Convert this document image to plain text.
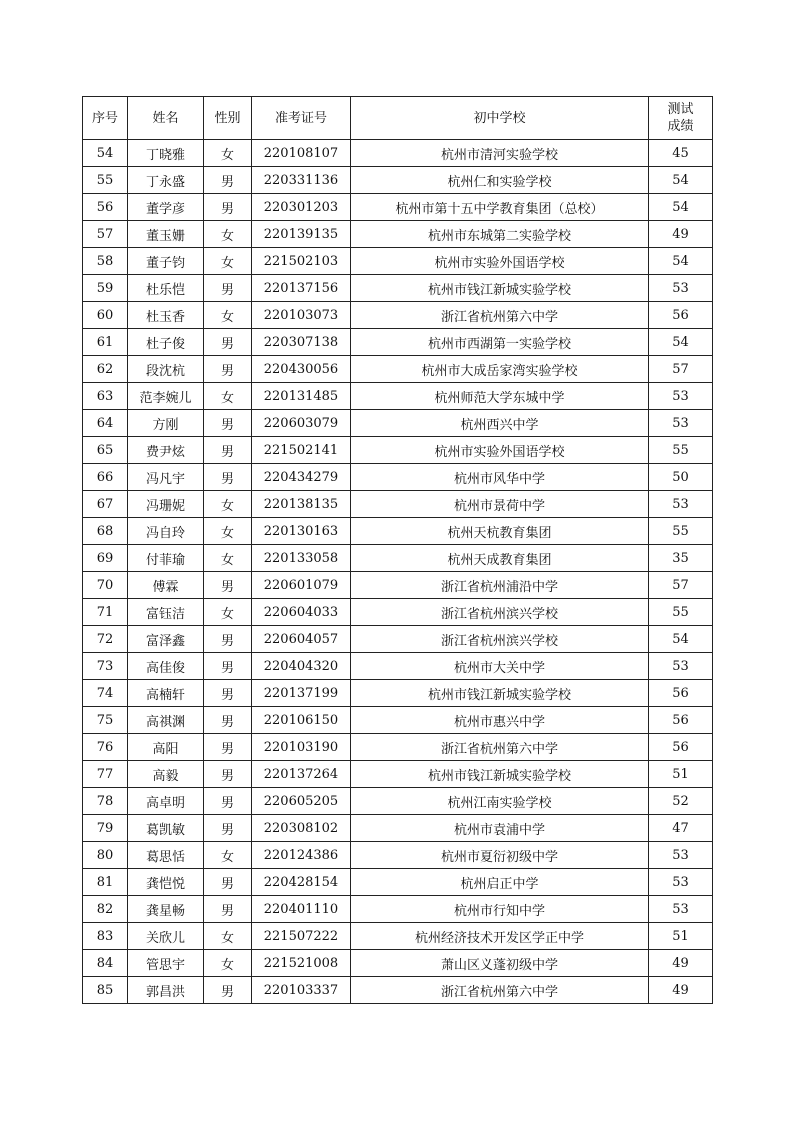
序号	姓名	性别	准考证号	初中学校	测试
成绩
54	丁晓雅	女	220108107	杭州市清河实验学校	45
55	丁永盛	男	220331136	杭州仁和实验学校	54
56	董学彦	男	220301203	杭州市第十五中学教育集团（总校）	54
57	董玉姗	女	220139135	杭州市东城第二实验学校	49
58	董子钧	女	221502103	杭州市实验外国语学校	54
59	杜乐恺	男	220137156	杭州市钱江新城实验学校	53
60	杜玉香	女	220103073	浙江省杭州第六中学	56
61	杜子俊	男	220307138	杭州市西湖第一实验学校	54
62	段沈杭	男	220430056	杭州市大成岳家湾实验学校	57
63	范李婉儿	女	220131485	杭州师范大学东城中学	53
64	方刚	男	220603079	杭州西兴中学	53
65	费尹炫	男	221502141	杭州市实验外国语学校	55
66	冯凡宇	男	220434279	杭州市风华中学	50
67	冯珊妮	女	220138135	杭州市景荷中学	53
68	冯自玲	女	220130163	杭州天杭教育集团	55
69	付菲瑜	女	220133058	杭州天成教育集团	35
70	傅霖	男	220601079	浙江省杭州浦沿中学	57
71	富钰洁	女	220604033	浙江省杭州滨兴学校	55
72	富泽鑫	男	220604057	浙江省杭州滨兴学校	54
73	高佳俊	男	220404320	杭州市大关中学	53
74	高楠轩	男	220137199	杭州市钱江新城实验学校	56
75	高祺渊	男	220106150	杭州市惠兴中学	56
76	高阳	男	220103190	浙江省杭州第六中学	56
77	高毅	男	220137264	杭州市钱江新城实验学校	51
78	高卓明	男	220605205	杭州江南实验学校	52
79	葛凯敏	男	220308102	杭州市袁浦中学	47
80	葛思恬	女	220124386	杭州市夏衍初级中学	53
81	龚恺悦	男	220428154	杭州启正中学	53
82	龚星畅	男	220401110	杭州市行知中学	53
83	关欣儿	女	221507222	杭州经济技术开发区学正中学	51
84	管思宇	女	221521008	萧山区义蓬初级中学	49
85	郭昌洪	男	220103337	浙江省杭州第六中学	49
